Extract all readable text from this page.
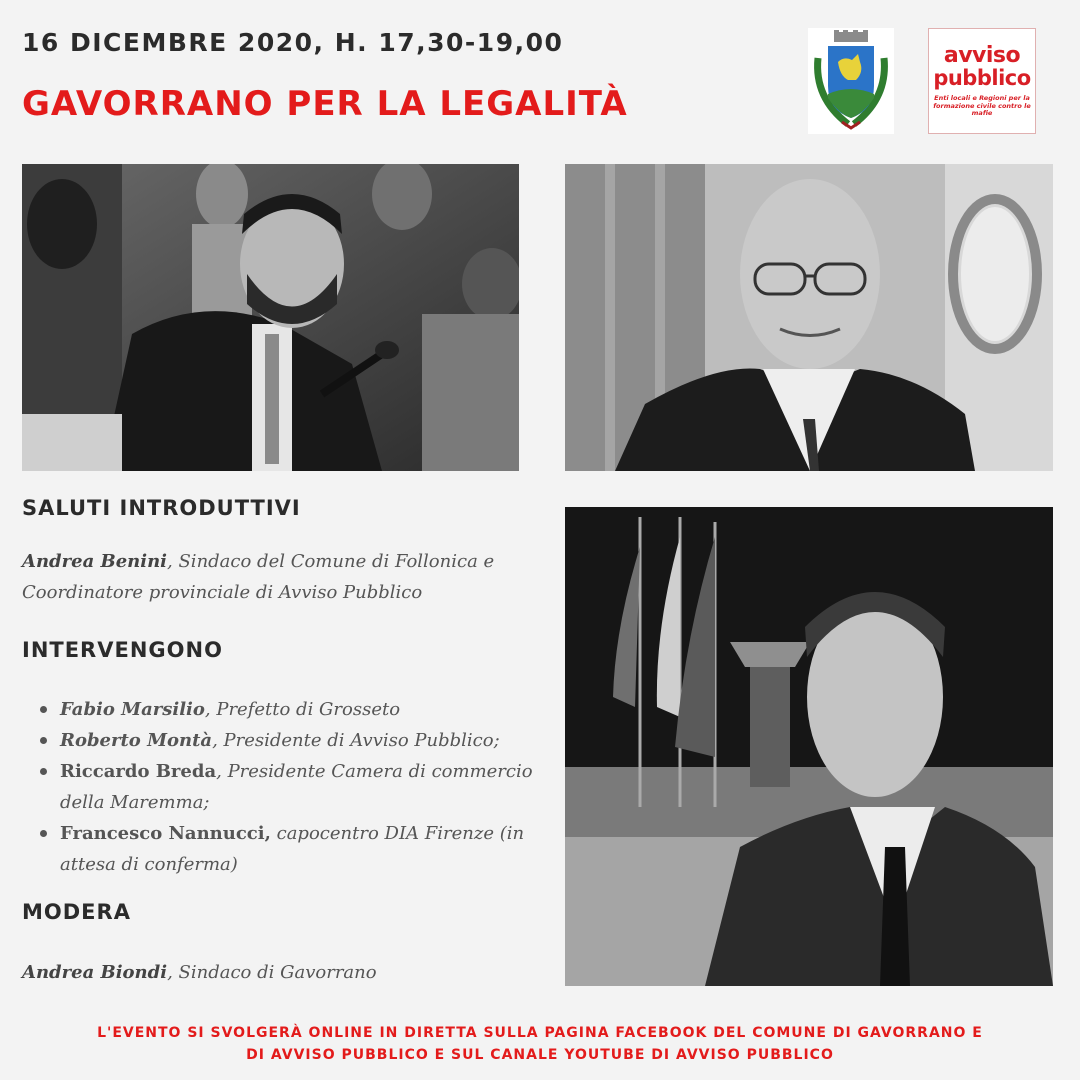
16 DICEMBRE 2020, H. 17,30-19,00
GAVORRANO PER LA LEGALITÀ
avviso
pubblico
Enti locali e Regioni per la formazione civile contro le mafie
SALUTI INTRODUTTIVI
Andrea Benini, Sindaco del Comune di Follonica e Coordinatore provinciale di Avviso Pubblico
INTERVENGONO
Fabio Marsilio, Prefetto di Grosseto
Roberto Montà, Presidente di Avviso Pubblico;
Riccardo Breda, Presidente Camera di commercio della Maremma;
Francesco Nannucci, capocentro DIA Firenze (in attesa di conferma)
MODERA
Andrea Biondi, Sindaco di Gavorrano
L'EVENTO SI SVOLGERÀ ONLINE IN DIRETTA SULLA PAGINA FACEBOOK DEL COMUNE DI GAVORRANO E
DI AVVISO PUBBLICO E SUL CANALE YOUTUBE DI AVVISO PUBBLICO
